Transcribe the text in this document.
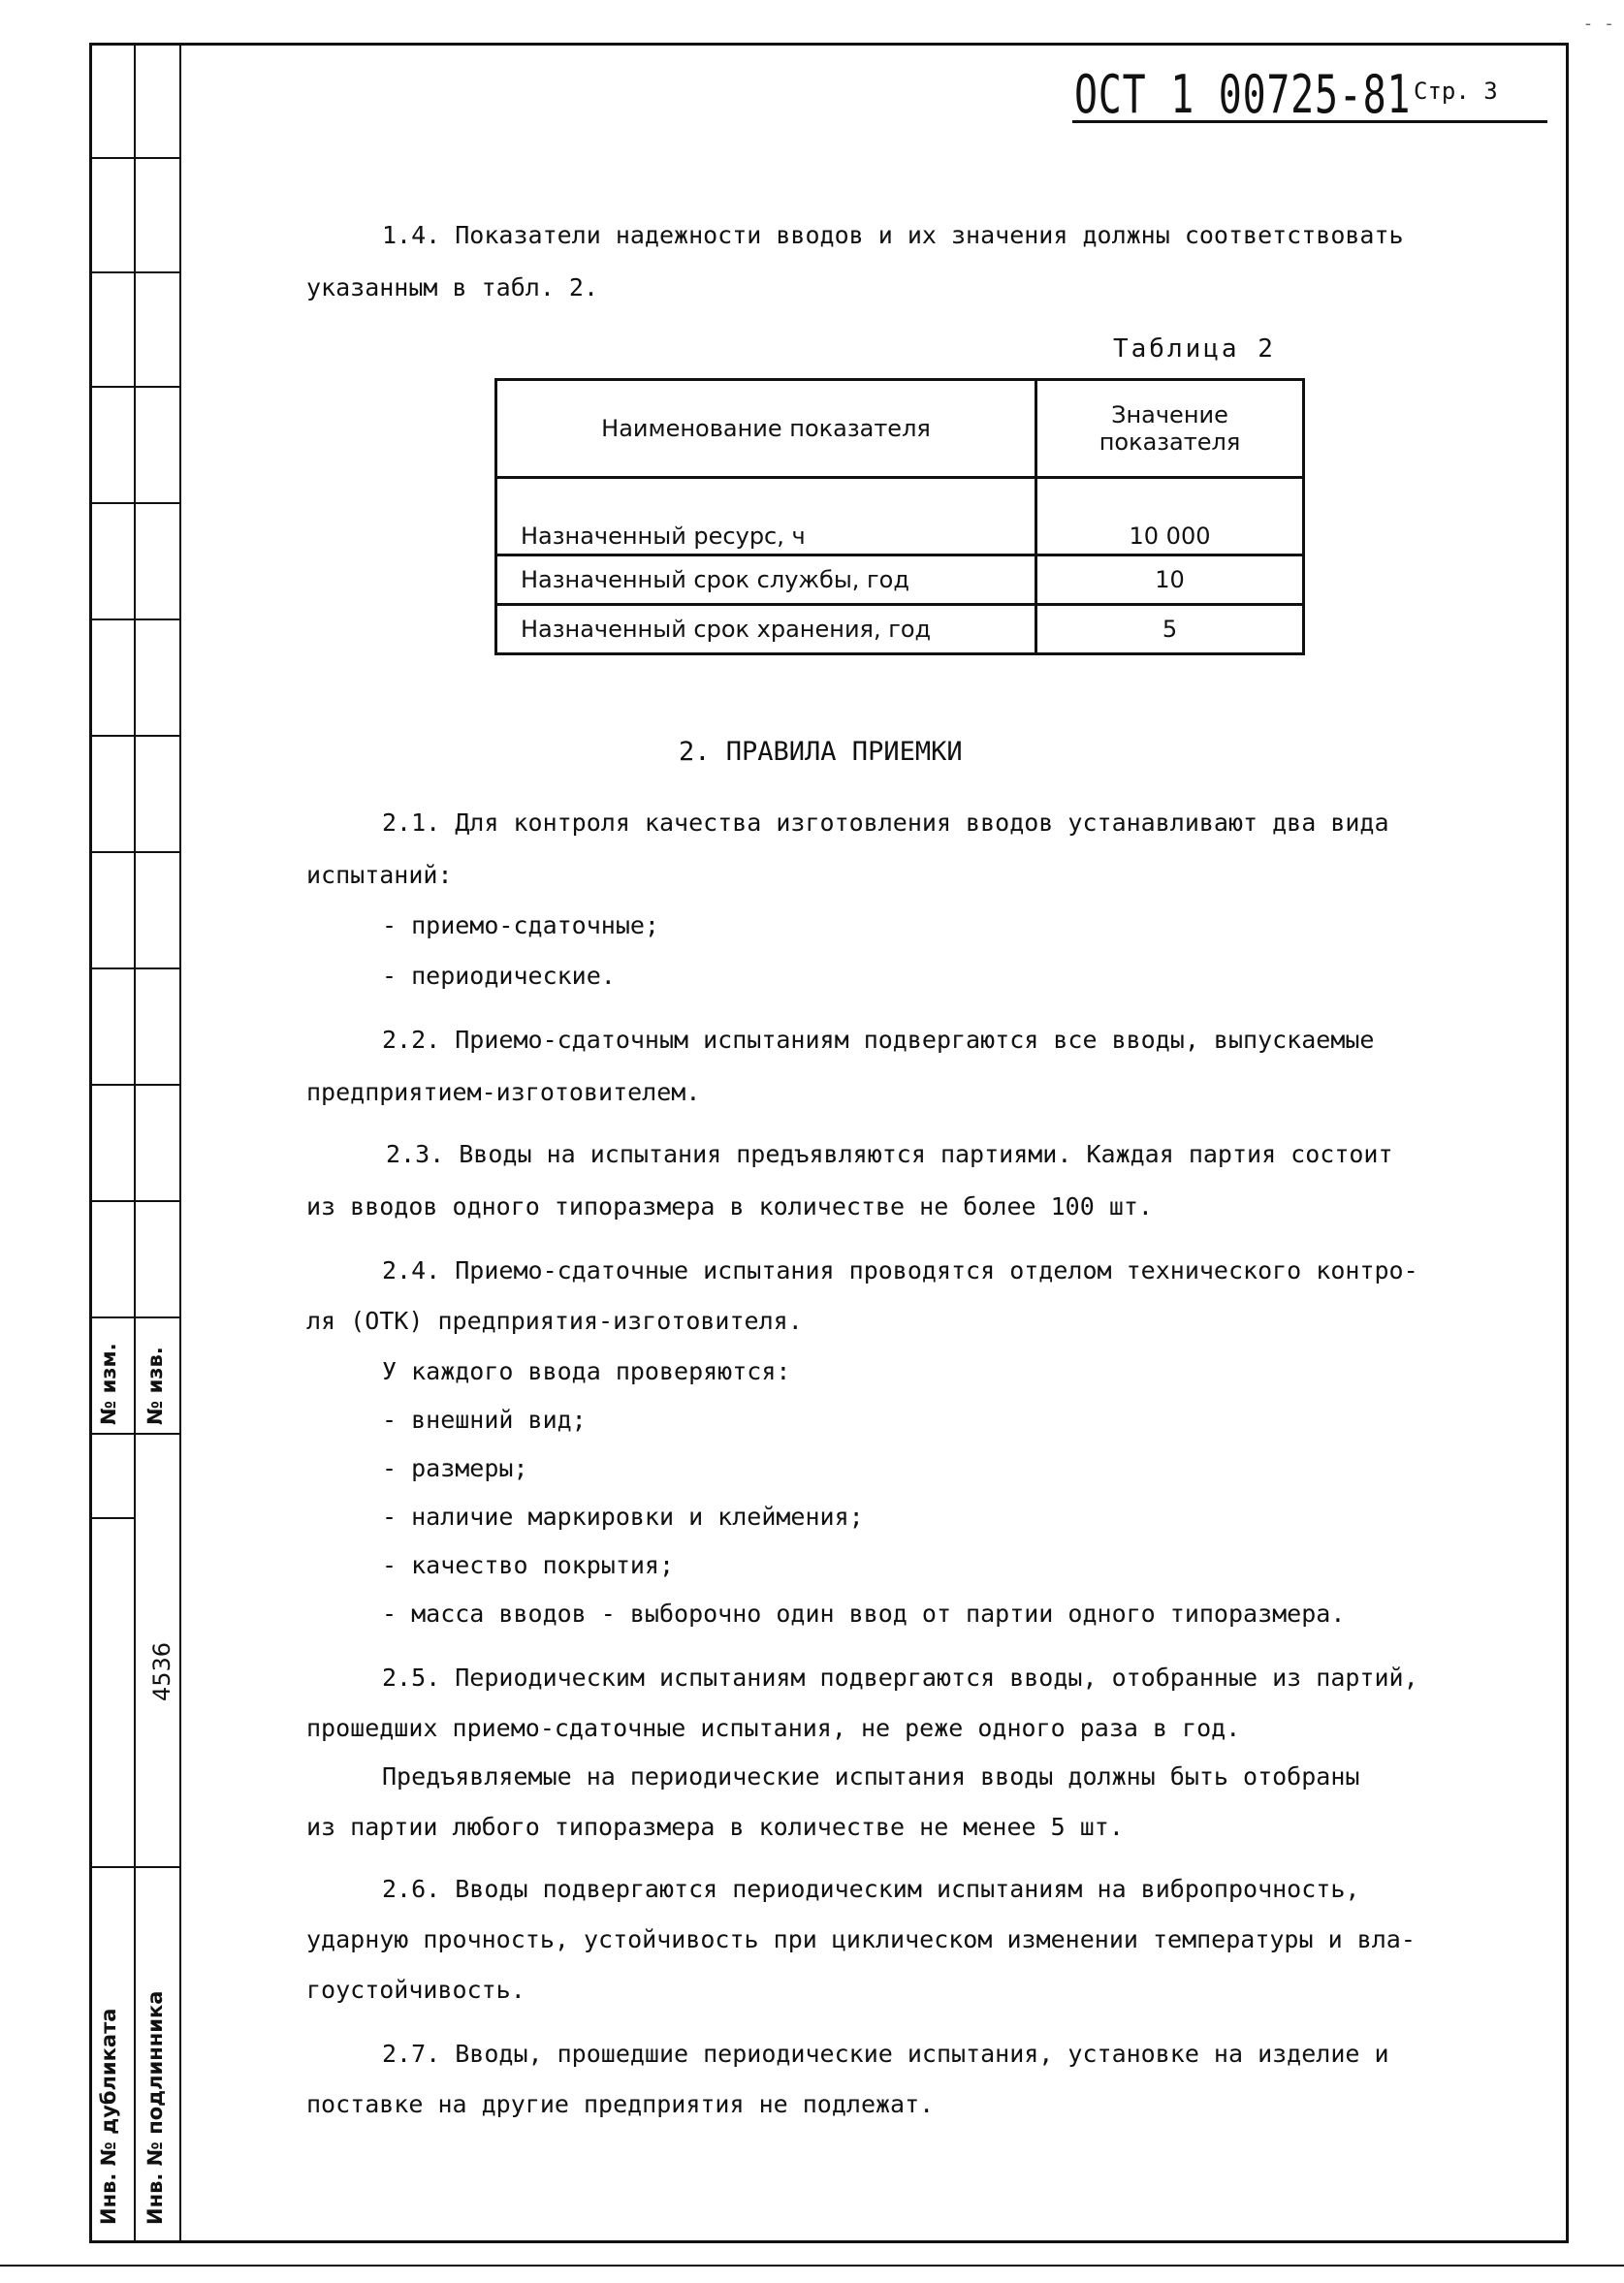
- -
№ изм. № изв.
Инв. № дубликата Инв. № подлинника
4536
ОСТ 1 00725-81 Стр. 3
1.4. Показатели надежности вводов и их значения должны соответствовать
указанным в табл. 2.
Таблица 2
Наименование показателя	Значение
показателя

Назначенный ресурс, ч	10 000
Назначенный срок службы, год	10
Назначенный срок хранения, год	5
2. ПРАВИЛА ПРИЕМКИ
2.1. Для контроля качества изготовления вводов устанавливают два вида
испытаний:
- приемо-сдаточные;
- периодические.
2.2. Приемо-сдаточным испытаниям подвергаются все вводы, выпускаемые
предприятием-изготовителем.
2.3. Вводы на испытания предъявляются партиями. Каждая партия состоит
из вводов одного типоразмера в количестве не более 100 шт.
2.4. Приемо-сдаточные испытания проводятся отделом технического контро-
ля (ОТК) предприятия-изготовителя.
У каждого ввода проверяются:
- внешний вид;
- размеры;
- наличие маркировки и клеймения;
- качество покрытия;
- масса вводов - выборочно один ввод от партии одного типоразмера.
2.5. Периодическим испытаниям подвергаются вводы, отобранные из партий,
прошедших приемо-сдаточные испытания, не реже одного раза в год.
Предъявляемые на периодические испытания вводы должны быть отобраны
из партии любого типоразмера в количестве не менее 5 шт.
2.6. Вводы подвергаются периодическим испытаниям на вибропрочность,
ударную прочность, устойчивость при циклическом изменении температуры и вла-
гоустойчивость.
2.7. Вводы, прошедшие периодические испытания, установке на изделие и
поставке на другие предприятия не подлежат.
